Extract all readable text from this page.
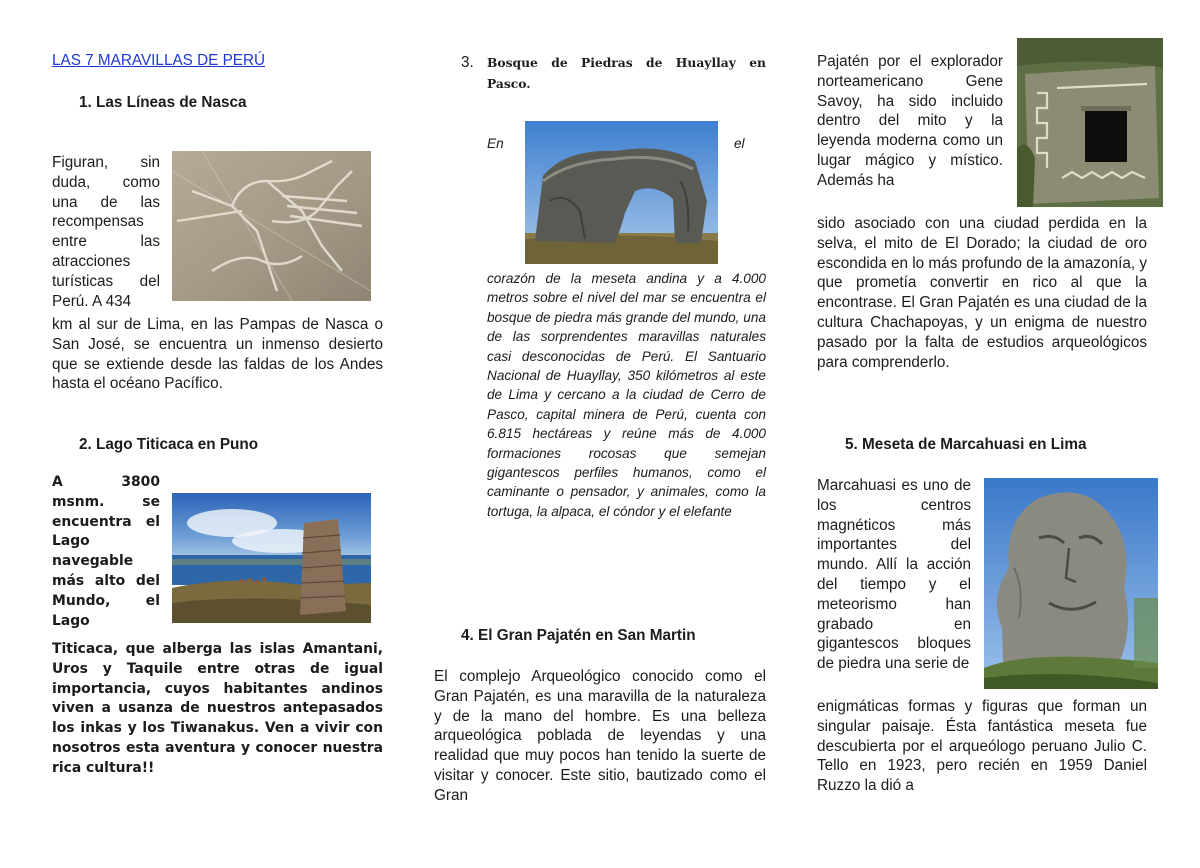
LAS 7 MARAVILLAS DE PERÚ
1. Las Líneas de Nasca
Figuran, sin duda, como una de las recompensas entre las atracciones turísticas del Perú. A 434
km al sur de Lima, en las Pampas de Nasca o San José, se encuentra un inmenso desierto que se extiende desde las faldas de los Andes hasta el océano Pacífico.
2. Lago Titicaca en Puno
A 3800 msnm. se encuentra el Lago navegable más alto del Mundo, el Lago
Titicaca, que alberga las islas Amantani, Uros y Taquile entre otras de igual importancia, cuyos habitantes andinos viven a usanza de nuestros antepasados los inkas y los Tiwanakus. Ven a vivir con nosotros esta aventura y conocer nuestra rica cultura!!
3. Bosque de Piedras de Huayllay en Pasco.
En	el
corazón de la meseta andina y a 4.000 metros sobre el nivel del mar se encuentra el bosque de piedra más grande del mundo, una de las sorprendentes maravillas naturales casi desconocidas de Perú. El Santuario Nacional de Huayllay, 350 kilómetros al este de Lima y cercano a la ciudad de Cerro de Pasco, capital minera de Perú, cuenta con 6.815 hectáreas y reúne más de 4.000 formaciones rocosas que semejan gigantescos perfiles humanos, como el caminante o pensador, y animales, como la tortuga, la alpaca, el cóndor y el elefante
4. El Gran Pajatén en San Martin
El complejo Arqueológico conocido como el Gran Pajatén, es una maravilla de la naturaleza y de la mano del hombre. Es una belleza arqueológica poblada de leyendas y una realidad que muy pocos han tenido la suerte de visitar y conocer. Este sitio, bautizado como el Gran
Pajatén por el explorador norteamericano Gene Savoy, ha sido incluido dentro del mito y la leyenda moderna como un lugar mágico y místico. Además ha
sido asociado con una ciudad perdida en la selva, el mito de El Dorado; la ciudad de oro escondida en lo más profundo de la amazonía, y que prometía convertir en rico al que la encontrase. El Gran Pajatén es una ciudad de la cultura Chachapoyas, y un enigma de nuestro pasado por la falta de estudios arqueológicos para comprenderlo.
5. Meseta de Marcahuasi en Lima
Marcahuasi es uno de los centros magnéticos más importantes del mundo. Allí la acción del tiempo y el meteorismo han grabado en gigantescos bloques de piedra una serie de
enigmáticas formas y figuras que forman un singular paisaje. Ésta fantástica meseta fue descubierta por el arqueólogo peruano Julio C. Tello en 1923, pero recién en 1959 Daniel Ruzzo la dió a
